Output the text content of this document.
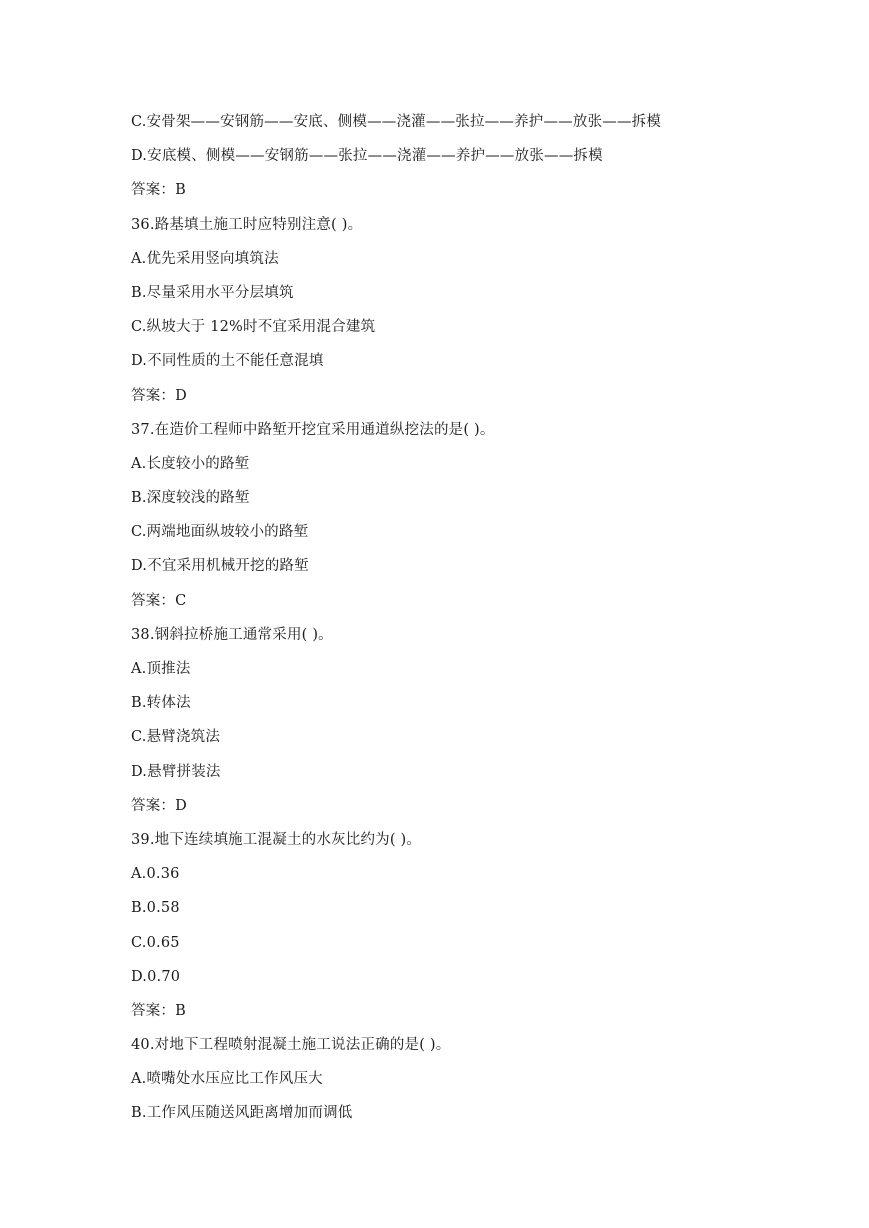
C.安骨架——安钢筋——安底、侧模——浇灌——张拉——养护——放张——拆模
D.安底模、侧模——安钢筋——张拉——浇灌——养护——放张——拆模
答案：B
36.路基填土施工时应特别注意( )。
A.优先采用竖向填筑法
B.尽量采用水平分层填筑
C.纵坡大于 12%时不宜采用混合建筑
D.不同性质的土不能任意混填
答案：D
37.在造价工程师中路堑开挖宜采用通道纵挖法的是( )。
A.长度较小的路堑
B.深度较浅的路堑
C.两端地面纵坡较小的路堑
D.不宜采用机械开挖的路堑
答案：C
38.钢斜拉桥施工通常采用( )。
A.顶推法
B.转体法
C.悬臂浇筑法
D.悬臂拼装法
答案：D
39.地下连续填施工混凝土的水灰比约为( )。
A.0.36
B.0.58
C.0.65
D.0.70
答案：B
40.对地下工程喷射混凝土施工说法正确的是( )。
A.喷嘴处水压应比工作风压大
B.工作风压随送风距离增加而调低
